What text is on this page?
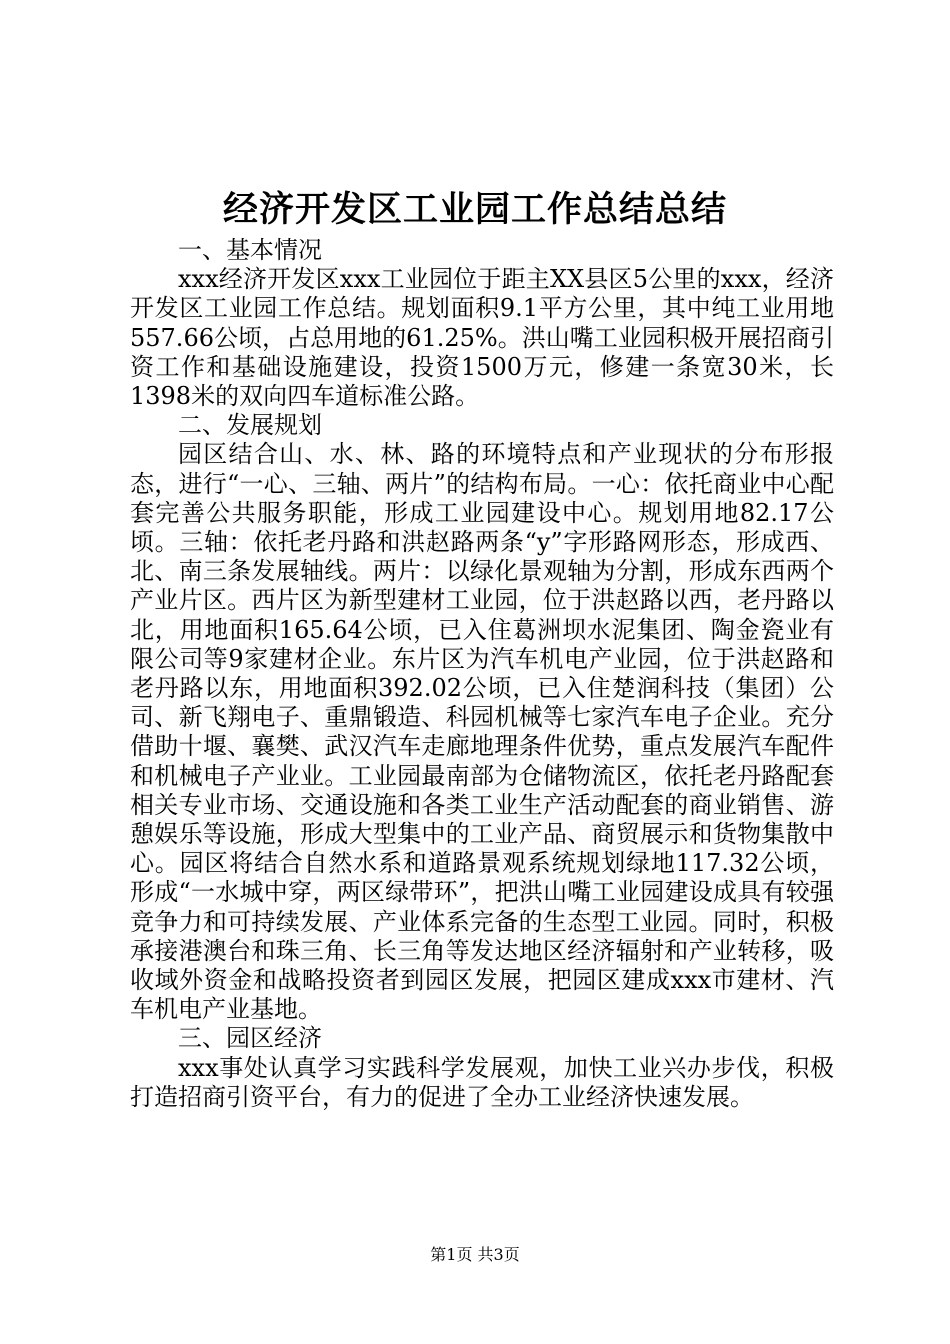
经济开发区工业园工作总结总结

一、基本情况

xxx经济开发区xxx工业园位于距主XX县区5公里的xxx，经济开发区工业园工作总结。规划面积9.1平方公里，其中纯工业用地557.66公顷，占总用地的61.25%。洪山嘴工业园积极开展招商引资工作和基础设施建设，投资1500万元，修建一条宽30米，长1398米的双向四车道标准公路。

二、发展规划

园区结合山、水、林、路的环境特点和产业现状的分布形报态，进行“一心、三轴、两片”的结构布局。一心：依托商业中心配套完善公共服务职能，形成工业园建设中心。规划用地82.17公顷。三轴：依托老丹路和洪赵路两条“y”字形路网形态，形成西、北、南三条发展轴线。两片：以绿化景观轴为分割，形成东西两个产业片区。西片区为新型建材工业园，位于洪赵路以西，老丹路以北，用地面积165.64公顷，已入住葛洲坝水泥集团、陶金瓷业有限公司等9家建材企业。东片区为汽车机电产业园，位于洪赵路和老丹路以东，用地面积392.02公顷，已入住楚润科技（集团）公司、新飞翔电子、重鼎锻造、科园机械等七家汽车电子企业。充分借助十堰、襄樊、武汉汽车走廊地理条件优势，重点发展汽车配件和机械电子产业业。工业园最南部为仓储物流区，依托老丹路配套相关专业市场、交通设施和各类工业生产活动配套的商业销售、游憩娱乐等设施，形成大型集中的工业产品、商贸展示和货物集散中心。园区将结合自然水系和道路景观系统规划绿地117.32公顷，形成“一水城中穿，两区绿带环”，把洪山嘴工业园建设成具有较强竞争力和可持续发展、产业体系完备的生态型工业园。同时，积极承接港澳台和珠三角、长三角等发达地区经济辐射和产业转移，吸收域外资金和战略投资者到园区发展，把园区建成xxx市建材、汽车机电产业基地。

三、园区经济

xxx事处认真学习实践科学发展观，加快工业兴办步伐，积极打造招商引资平台，有力的促进了全办工业经济快速发展。

第1页 共3页
